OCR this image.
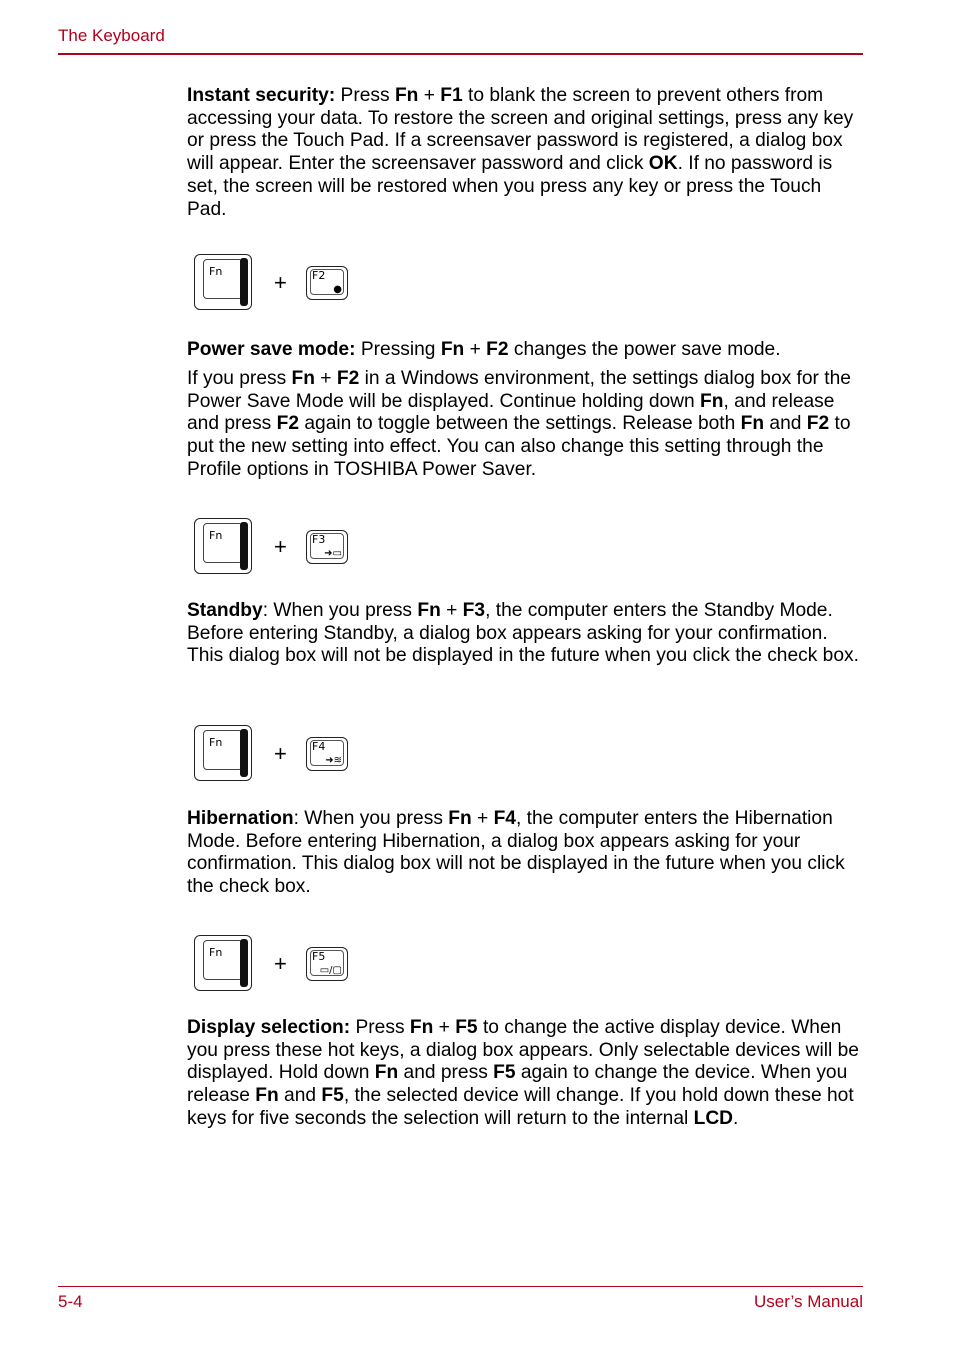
The Keyboard

Instant security: Press Fn + F1 to blank the screen to prevent others from accessing your data. To restore the screen and original settings, press any key or press the Touch Pad. If a screensaver password is registered, a dialog box will appear. Enter the screensaver password and click OK. If no password is set, the screen will be restored when you press any key or press the Touch Pad.

Fn + F2
●

Power save mode: Pressing Fn + F2 changes the power save mode.

If you press Fn + F2 in a Windows environment, the settings dialog box for the Power Save Mode will be displayed. Continue holding down Fn, and release and press F2 again to toggle between the settings. Release both Fn and F2 to put the new setting into effect. You can also change this setting through the Profile options in TOSHIBA Power Saver.

Fn + F3
➜▭

Standby: When you press Fn + F3, the computer enters the Standby Mode. Before entering Standby, a dialog box appears asking for your confirmation. This dialog box will not be displayed in the future when you click the check box.

Fn + F4
➜≋

Hibernation: When you press Fn + F4, the computer enters the Hibernation Mode. Before entering Hibernation, a dialog box appears asking for your confirmation. This dialog box will not be displayed in the future when you click the check box.

Fn + F5
▭/▢

Display selection: Press Fn + F5 to change the active display device. When you press these hot keys, a dialog box appears. Only selectable devices will be displayed. Hold down Fn and press F5 again to change the device. When you release Fn and F5, the selected device will change. If you hold down these hot keys for five seconds the selection will return to the internal LCD.

5-4	User’s Manual
